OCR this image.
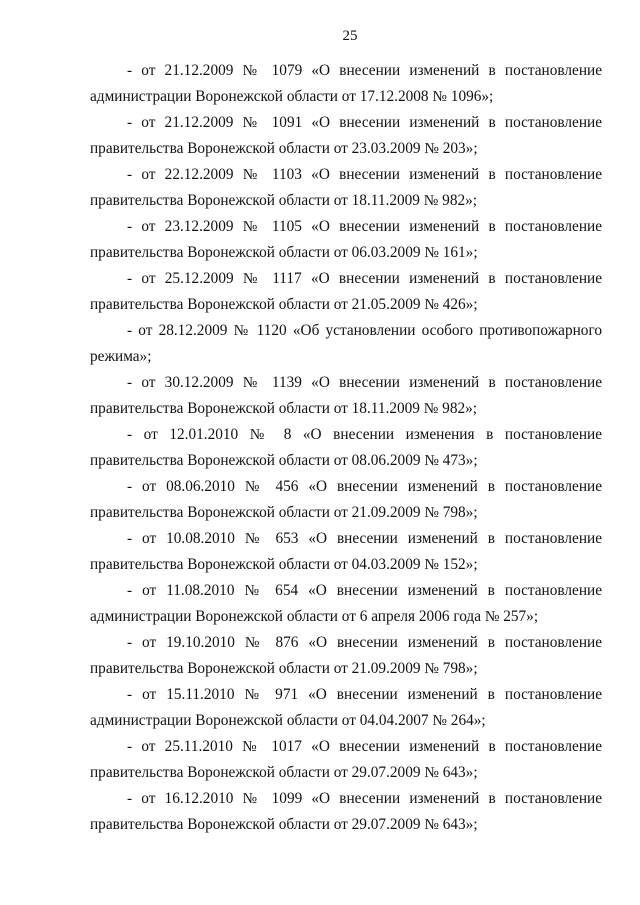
25

- от 21.12.2009 № 1079 «О внесении изменений в постановление
администрации Воронежской области от 17.12.2008 № 1096»;

- от 21.12.2009 № 1091 «О внесении изменений в постановление
правительства Воронежской области от 23.03.2009 № 203»;

- от 22.12.2009 № 1103 «О внесении изменений в постановление
правительства Воронежской области от 18.11.2009 № 982»;

- от 23.12.2009 № 1105 «О внесении изменений в постановление
правительства Воронежской области от 06.03.2009 № 161»;

- от 25.12.2009 № 1117 «О внесении изменений в постановление
правительства Воронежской области от 21.05.2009 № 426»;

- от 28.12.2009 № 1120 «Об установлении особого противопожарного
режима»;

- от 30.12.2009 № 1139 «О внесении изменений в постановление
правительства Воронежской области от 18.11.2009 № 982»;

- от 12.01.2010 № 8 «О внесении изменения в постановление
правительства Воронежской области от 08.06.2009 № 473»;

- от 08.06.2010 № 456 «О внесении изменений в постановление
правительства Воронежской области от 21.09.2009 № 798»;

- от 10.08.2010 № 653 «О внесении изменений в постановление
правительства Воронежской области от 04.03.2009 № 152»;

- от 11.08.2010 № 654 «О внесении изменений в постановление
администрации Воронежской области от 6 апреля 2006 года № 257»;

- от 19.10.2010 № 876 «О внесении изменений в постановление
правительства Воронежской области от 21.09.2009 № 798»;

- от 15.11.2010 № 971 «О внесении изменений в постановление
администрации Воронежской области от 04.04.2007 № 264»;

- от 25.11.2010 № 1017 «О внесении изменений в постановление
правительства Воронежской области от 29.07.2009 № 643»;

- от 16.12.2010 № 1099 «О внесении изменений в постановление
правительства Воронежской области от 29.07.2009 № 643»;
